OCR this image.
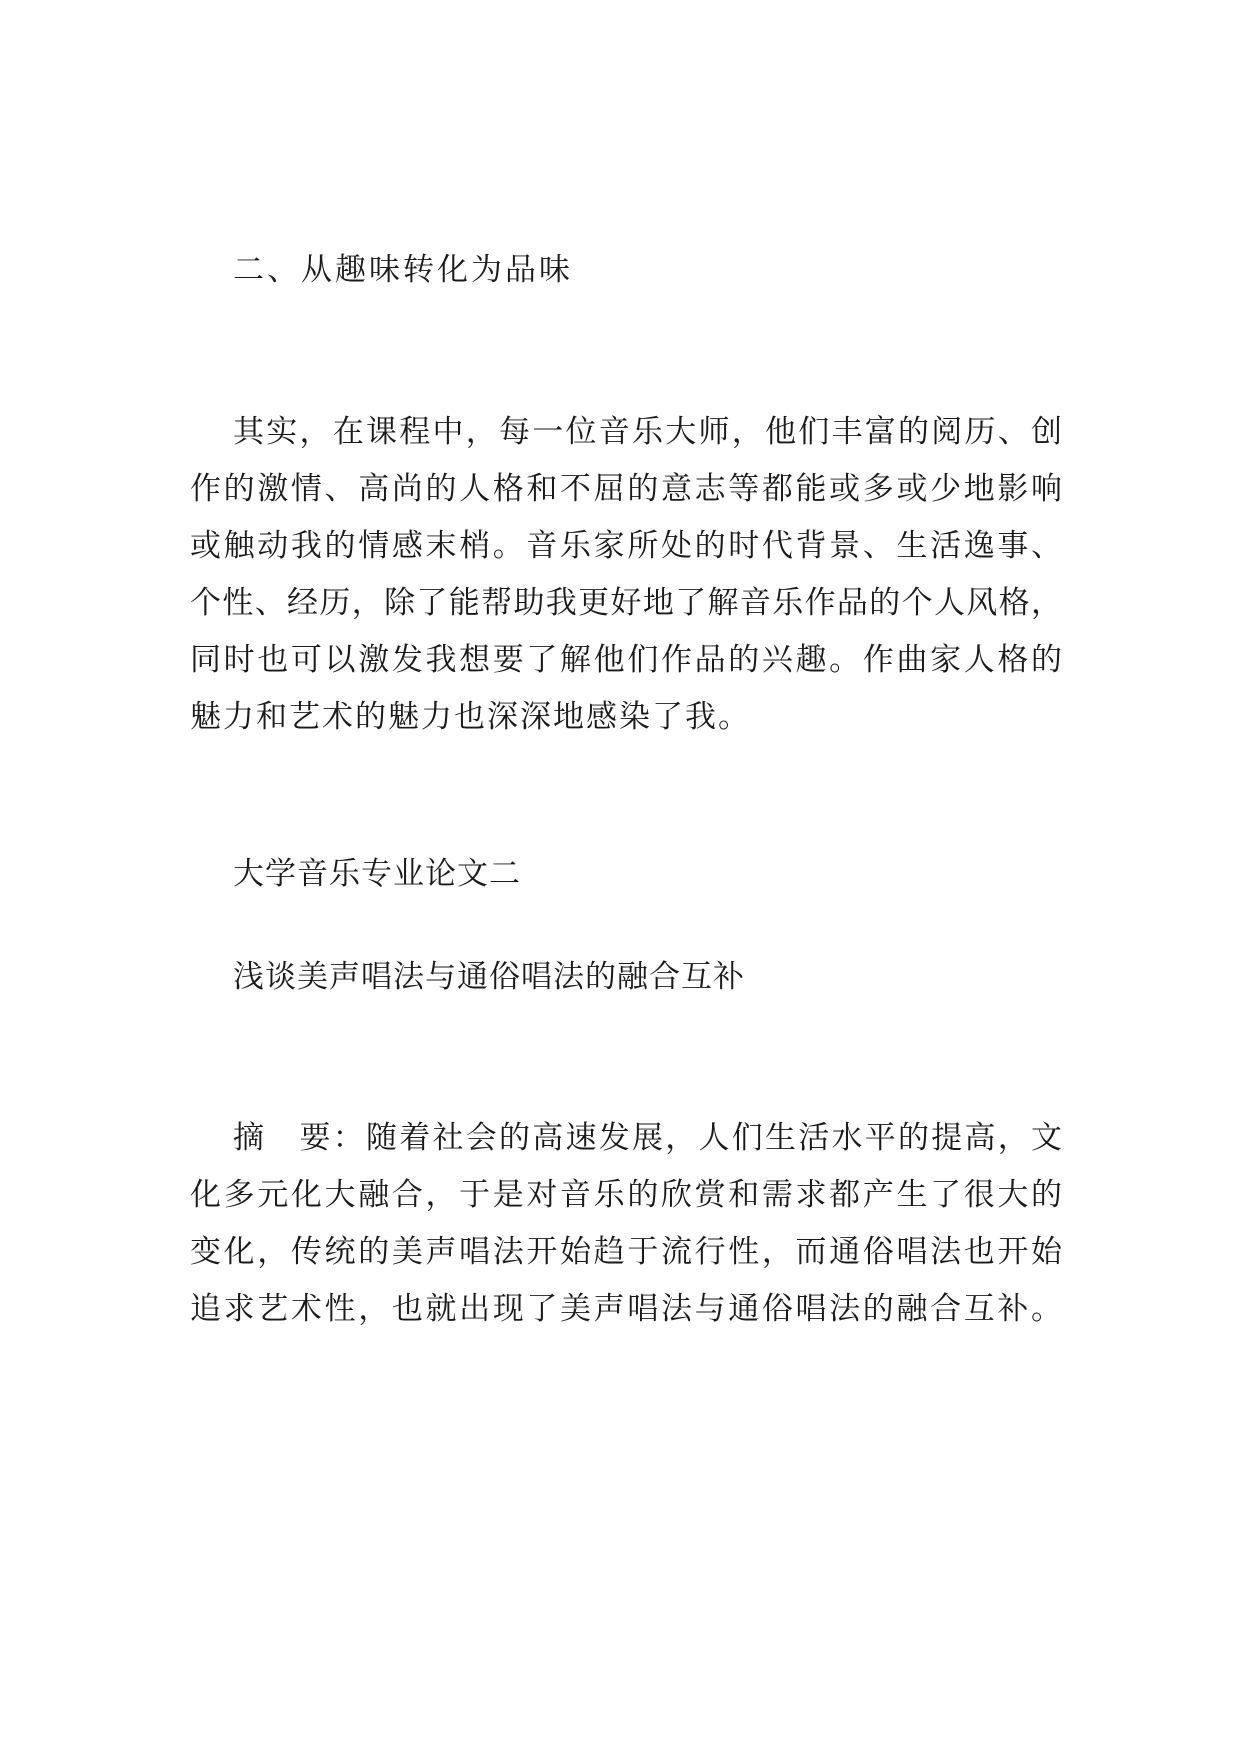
二、从趣味转化为品味

其实，在课程中，每一位音乐大师，他们丰富的阅历、创

作的激情、高尚的人格和不屈的意志等都能或多或少地影响

或触动我的情感末梢。音乐家所处的时代背景、生活逸事、

个性、经历，除了能帮助我更好地了解音乐作品的个人风格，

同时也可以激发我想要了解他们作品的兴趣。作曲家人格的

魅力和艺术的魅力也深深地感染了我。

大学音乐专业论文二

浅谈美声唱法与通俗唱法的融合互补

摘　要：随着社会的高速发展，人们生活水平的提高，文

化多元化大融合，于是对音乐的欣赏和需求都产生了很大的

变化，传统的美声唱法开始趋于流行性，而通俗唱法也开始

追求艺术性，也就出现了美声唱法与通俗唱法的融合互补。
